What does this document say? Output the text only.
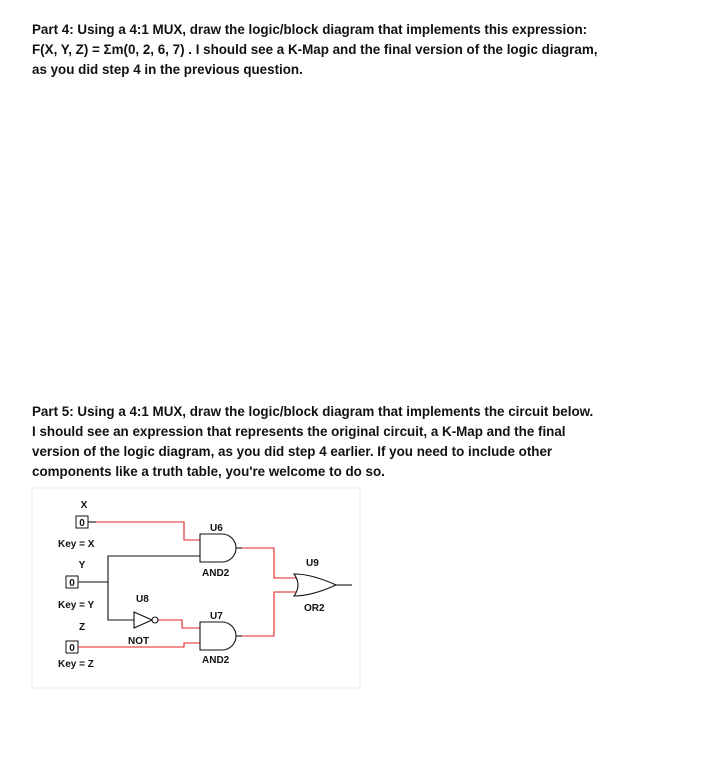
Part 4: Using a 4:1 MUX, draw the logic/block diagram that implements this expression:
F(X, Y, Z) = Σm(0, 2, 6, 7) . I should see a K-Map and the final version of the logic diagram,
as you did step 4 in the previous question.
Part 5: Using a 4:1 MUX, draw the logic/block diagram that implements the circuit below.
I should see an expression that represents the original circuit, a K-Map and the final
version of the logic diagram, as you did step 4 earlier. If you need to include other
components like a truth table, you're welcome to do so.
X
0
Key = X
Y
0
Key = Y
Z
0
Key = Z
U6
AND2
U7
AND2
U8
NOT
U9
OR2
